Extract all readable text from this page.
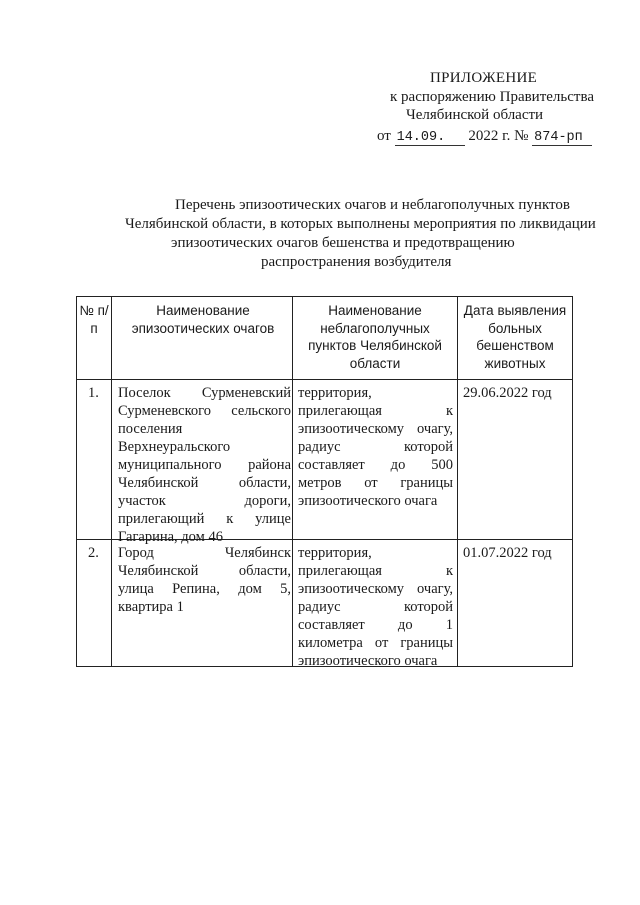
ПРИЛОЖЕНИЕ
к распоряжению Правительства
Челябинской области
от 14.09. 2022 г. № 874-рп
Перечень эпизоотических очагов и неблагополучных пунктов
Челябинской области, в которых выполнены мероприятия по ликвидации
эпизоотических очагов бешенства и предотвращению
распространения возбудителя
№ п/п
Наименование эпизоотических очагов
Наименование неблагополучных пунктов Челябинской области
Дата выявления больных бешенством животных
1.	Поселок Сурменевский Сурменевского сельского поселения Верхнеуральского муниципального района Челябинской области, участок дороги, прилегающий к улице Гагарина, дом 46
территория, прилегающая к эпизоотическому очагу, радиус которой составляет до 500 метров от границы эпизоотического очага
29.06.2022 год
2.	Город Челябинск Челябинской области, улица Репина, дом 5, квартира 1
территория, прилегающая к эпизоотическому очагу, радиус которой составляет до 1 километра от границы эпизоотического очага
01.07.2022 год
